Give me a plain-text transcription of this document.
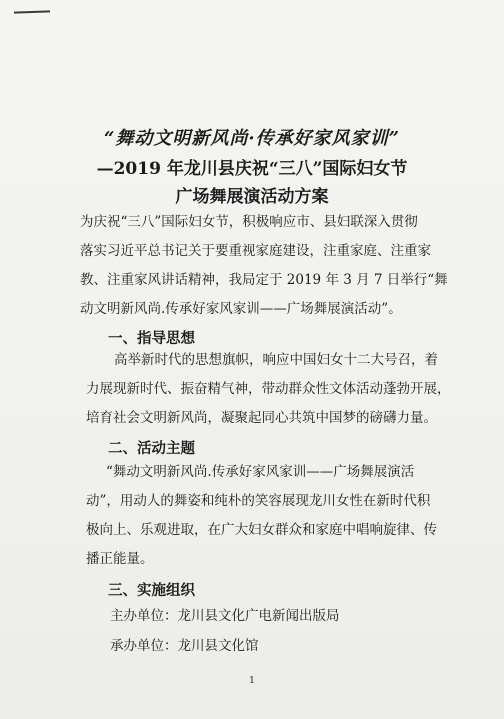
“舞动文明新风尚·传承好家风家训”
—2019 年龙川县庆祝“三八”国际妇女节
广场舞展演活动方案

为庆祝“三八”国际妇女节，积极响应市、县妇联深入贯彻
落实习近平总书记关于要重视家庭建设，注重家庭、注重家
教、注重家风讲话精神，我局定于 2019 年 3 月 7 日举行“舞
动文明新风尚.传承好家风家训——广场舞展演活动”。

一、指导思想

高举新时代的思想旗帜，响应中国妇女十二大号召，着
力展现新时代、振奋精气神，带动群众性文体活动蓬勃开展，
培育社会文明新风尚，凝聚起同心共筑中国梦的磅礴力量。

二、活动主题

“舞动文明新风尚.传承好家风家训——广场舞展演活
动”，用动人的舞姿和纯朴的笑容展现龙川女性在新时代积
极向上、乐观进取，在广大妇女群众和家庭中唱响旋律、传
播正能量。

三、实施组织
主办单位：龙川县文化广电新闻出版局
承办单位：龙川县文化馆
1
